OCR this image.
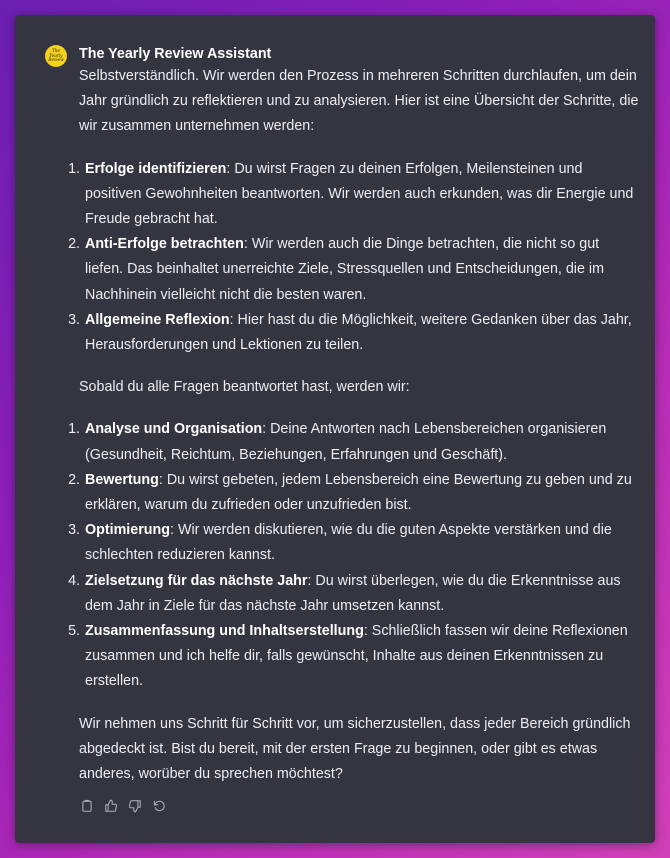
The
Yearly
Review The Yearly Review Assistant

Selbstverständlich. Wir werden den Prozess in mehreren Schritten durchlaufen, um dein Jahr gründlich zu reflektieren und zu analysieren. Hier ist eine Übersicht der Schritte, die wir zusammen unternehmen werden:

1. Erfolge identifizieren: Du wirst Fragen zu deinen Erfolgen, Meilensteinen und positiven Gewohnheiten beantworten. Wir werden auch erkunden, was dir Energie und Freude gebracht hat.
2. Anti-Erfolge betrachten: Wir werden auch die Dinge betrachten, die nicht so gut liefen. Das beinhaltet unerreichte Ziele, Stressquellen und Entscheidungen, die im Nachhinein vielleicht nicht die besten waren.
3. Allgemeine Reflexion: Hier hast du die Möglichkeit, weitere Gedanken über das Jahr, Herausforderungen und Lektionen zu teilen.

Sobald du alle Fragen beantwortet hast, werden wir:

1. Analyse und Organisation: Deine Antworten nach Lebensbereichen organisieren (Gesundheit, Reichtum, Beziehungen, Erfahrungen und Geschäft).
2. Bewertung: Du wirst gebeten, jedem Lebensbereich eine Bewertung zu geben und zu erklären, warum du zufrieden oder unzufrieden bist.
3. Optimierung: Wir werden diskutieren, wie du die guten Aspekte verstärken und die schlechten reduzieren kannst.
4. Zielsetzung für das nächste Jahr: Du wirst überlegen, wie du die Erkenntnisse aus dem Jahr in Ziele für das nächste Jahr umsetzen kannst.
5. Zusammenfassung und Inhaltserstellung: Schließlich fassen wir deine Reflexionen zusammen und ich helfe dir, falls gewünscht, Inhalte aus deinen Erkenntnissen zu erstellen.

Wir nehmen uns Schritt für Schritt vor, um sicherzustellen, dass jeder Bereich gründlich abgedeckt ist. Bist du bereit, mit der ersten Frage zu beginnen, oder gibt es etwas anderes, worüber du sprechen möchtest?
